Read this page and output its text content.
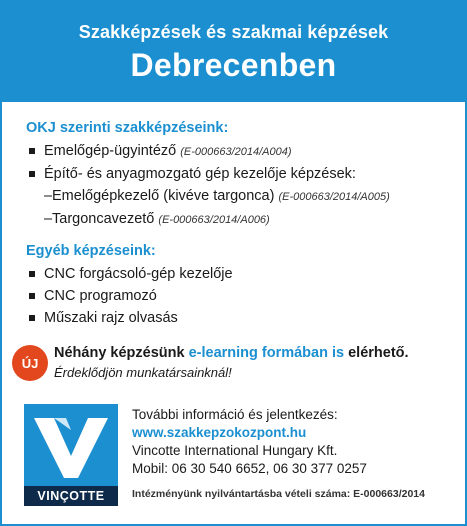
Szakképzések és szakmai képzések
Debrecenben
OKJ szerinti szakképzéseink:
Emelőgép-ügyintéző (E-000663/2014/A004)
Építő- és anyagmozgató gép kezelője képzések:
– Emelőgépkezelő (kivéve targonca) (E-000663/2014/A005)
– Targoncavezető (E-000663/2014/A006)
Egyéb képzéseink:
CNC forgácsoló-gép kezelője
CNC programozó
Műszaki rajz olvasás
ÚJ
Néhány képzésünk e-learning formában is elérhető.
Érdeklődjön munkatársainknál!
VINÇOTTE
További információ és jelentkezés:
www.szakkepzokozpont.hu
Vincotte International Hungary Kft.
Mobil: 06 30 540 6652, 06 30 377 0257
Intézményünk nyilvántartásba vételi száma: E-000663/2014
